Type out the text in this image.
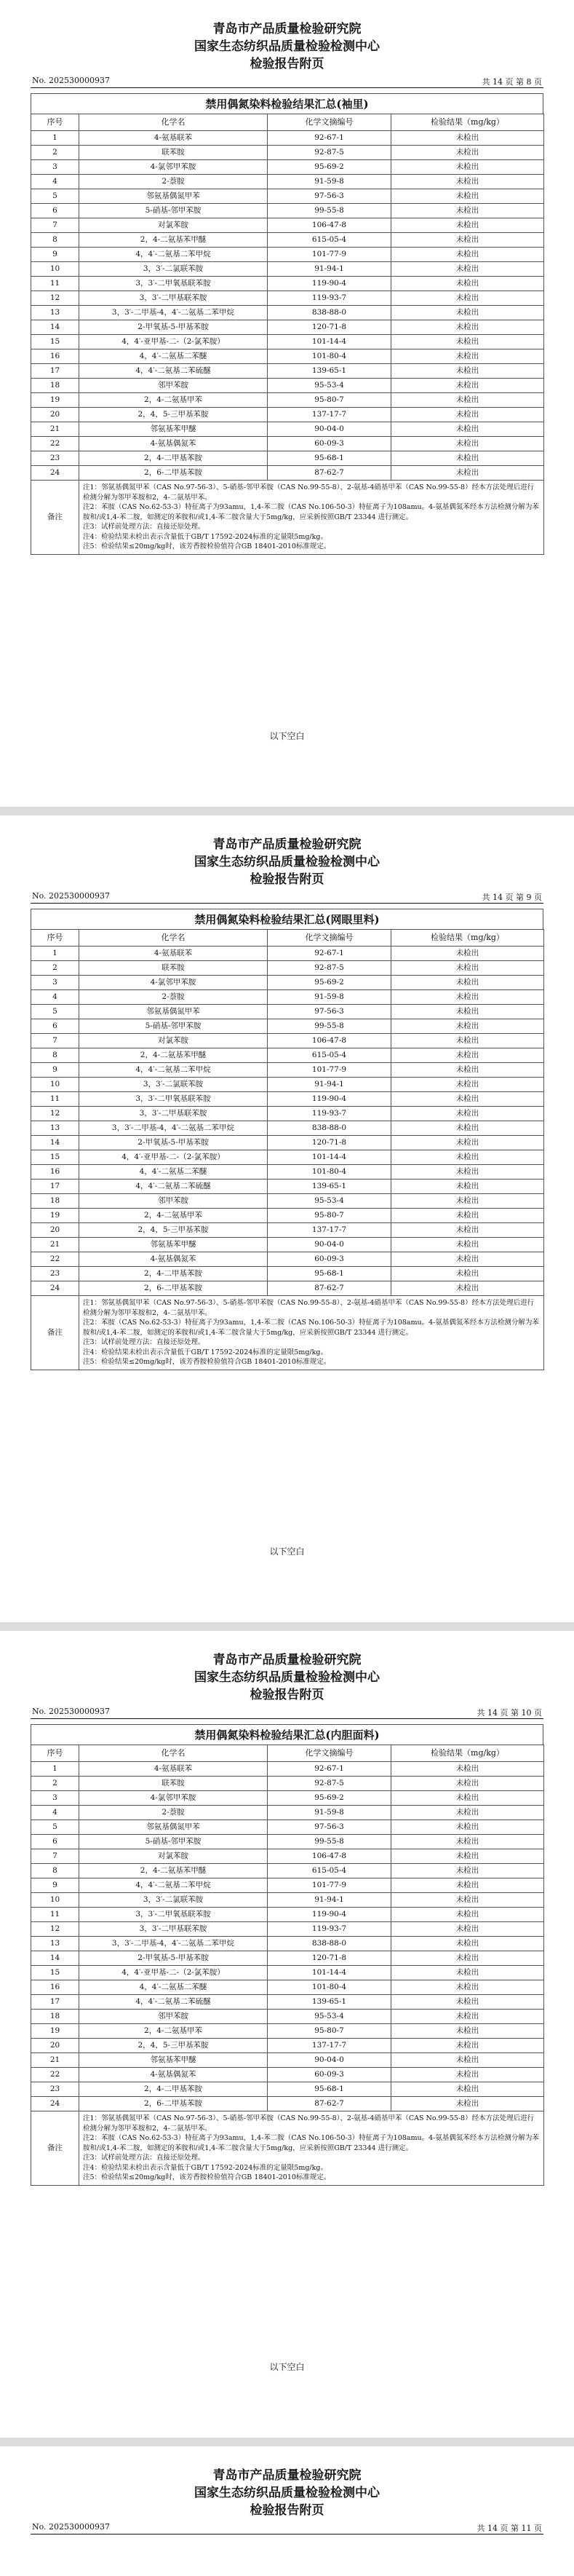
青岛市产品质量检验研究院
国家生态纺织品质量检验检测中心
检验报告附页
No. 202530000937	共 14 页 第 8 页
禁用偶氮染料检验结果汇总(袖里)
序号	化学名	化学文摘编号	检验结果（mg/kg）
1	4-氨基联苯	92-67-1	未检出
2	联苯胺	92-87-5	未检出
3	4-氯邻甲苯胺	95-69-2	未检出
4	2-萘胺	91-59-8	未检出
5	邻氨基偶氮甲苯	97-56-3	未检出
6	5-硝基-邻甲苯胺	99-55-8	未检出
7	对氯苯胺	106-47-8	未检出
8	2，4-二氨基苯甲醚	615-05-4	未检出
9	4，4′-二氨基二苯甲烷	101-77-9	未检出
10	3，3′-二氯联苯胺	91-94-1	未检出
11	3，3′-二甲氧基联苯胺	119-90-4	未检出
12	3，3′-二甲基联苯胺	119-93-7	未检出
13	3，3′-二甲基-4，4′-二氨基二苯甲烷	838-88-0	未检出
14	2-甲氧基-5-甲基苯胺	120-71-8	未检出
15	4，4′-亚甲基-二-（2-氯苯胺）	101-14-4	未检出
16	4，4′-二氨基二苯醚	101-80-4	未检出
17	4，4′-二氨基二苯硫醚	139-65-1	未检出
18	邻甲苯胺	95-53-4	未检出
19	2，4-二氨基甲苯	95-80-7	未检出
20	2，4，5-三甲基苯胺	137-17-7	未检出
21	邻氨基苯甲醚	90-04-0	未检出
22	4-氨基偶氮苯	60-09-3	未检出
23	2，4-二甲基苯胺	95-68-1	未检出
24	2，6-二甲基苯胺	87-62-7	未检出
备注	注1：邻氨基偶氮甲苯（CAS No.97-56-3）、5-硝基-邻甲苯胺（CAS No.99-55-8）、2-氨基-4硝基甲苯（CAS No.99-55-8）经本方法处理后进行检测分解为邻甲苯胺和2，4-二氨基甲苯。
注2：苯胺（CAS No.62-53-3）特征离子为93amu，1,4-苯二胺（CAS No.106-50-3）特征离子为108amu。4-氨基偶氮苯经本方法检测分解为苯胺和/或1,4-苯二胺，如测定的苯胺和/或1,4-苯二胺含量大于5mg/kg，应采新按照GB/T 23344 进行测定。
注3：试样前处理方法：直接还原处理。
注4：检验结果未检出表示含量低于GB/T 17592-2024标准的定量限5mg/kg。
注5：检验结果≤20mg/kg时，该芳香胺检验值符合GB 18401-2010标准规定。		
以下空白
青岛市产品质量检验研究院
国家生态纺织品质量检验检测中心
检验报告附页
No. 202530000937	共 14 页 第 9 页
禁用偶氮染料检验结果汇总(网眼里料)
序号	化学名	化学文摘编号	检验结果（mg/kg）
1	4-氨基联苯	92-67-1	未检出
2	联苯胺	92-87-5	未检出
3	4-氯邻甲苯胺	95-69-2	未检出
4	2-萘胺	91-59-8	未检出
5	邻氨基偶氮甲苯	97-56-3	未检出
6	5-硝基-邻甲苯胺	99-55-8	未检出
7	对氯苯胺	106-47-8	未检出
8	2，4-二氨基苯甲醚	615-05-4	未检出
9	4，4′-二氨基二苯甲烷	101-77-9	未检出
10	3，3′-二氯联苯胺	91-94-1	未检出
11	3，3′-二甲氧基联苯胺	119-90-4	未检出
12	3，3′-二甲基联苯胺	119-93-7	未检出
13	3，3′-二甲基-4，4′-二氨基二苯甲烷	838-88-0	未检出
14	2-甲氧基-5-甲基苯胺	120-71-8	未检出
15	4，4′-亚甲基-二-（2-氯苯胺）	101-14-4	未检出
16	4，4′-二氨基二苯醚	101-80-4	未检出
17	4，4′-二氨基二苯硫醚	139-65-1	未检出
18	邻甲苯胺	95-53-4	未检出
19	2，4-二氨基甲苯	95-80-7	未检出
20	2，4，5-三甲基苯胺	137-17-7	未检出
21	邻氨基苯甲醚	90-04-0	未检出
22	4-氨基偶氮苯	60-09-3	未检出
23	2，4-二甲基苯胺	95-68-1	未检出
24	2，6-二甲基苯胺	87-62-7	未检出
备注	注1：邻氨基偶氮甲苯（CAS No.97-56-3）、5-硝基-邻甲苯胺（CAS No.99-55-8）、2-氨基-4硝基甲苯（CAS No.99-55-8）经本方法处理后进行检测分解为邻甲苯胺和2，4-二氨基甲苯。
注2：苯胺（CAS No.62-53-3）特征离子为93amu，1,4-苯二胺（CAS No.106-50-3）特征离子为108amu。4-氨基偶氮苯经本方法检测分解为苯胺和/或1,4-苯二胺，如测定的苯胺和/或1,4-苯二胺含量大于5mg/kg，应采新按照GB/T 23344 进行测定。
注3：试样前处理方法：直接还原处理。
注4：检验结果未检出表示含量低于GB/T 17592-2024标准的定量限5mg/kg。
注5：检验结果≤20mg/kg时，该芳香胺检验值符合GB 18401-2010标准规定。		
以下空白
青岛市产品质量检验研究院
国家生态纺织品质量检验检测中心
检验报告附页
No. 202530000937	共 14 页 第 10 页
禁用偶氮染料检验结果汇总(内胆面料)
序号	化学名	化学文摘编号	检验结果（mg/kg）
1	4-氨基联苯	92-67-1	未检出
2	联苯胺	92-87-5	未检出
3	4-氯邻甲苯胺	95-69-2	未检出
4	2-萘胺	91-59-8	未检出
5	邻氨基偶氮甲苯	97-56-3	未检出
6	5-硝基-邻甲苯胺	99-55-8	未检出
7	对氯苯胺	106-47-8	未检出
8	2，4-二氨基苯甲醚	615-05-4	未检出
9	4，4′-二氨基二苯甲烷	101-77-9	未检出
10	3，3′-二氯联苯胺	91-94-1	未检出
11	3，3′-二甲氧基联苯胺	119-90-4	未检出
12	3，3′-二甲基联苯胺	119-93-7	未检出
13	3，3′-二甲基-4，4′-二氨基二苯甲烷	838-88-0	未检出
14	2-甲氧基-5-甲基苯胺	120-71-8	未检出
15	4，4′-亚甲基-二-（2-氯苯胺）	101-14-4	未检出
16	4，4′-二氨基二苯醚	101-80-4	未检出
17	4，4′-二氨基二苯硫醚	139-65-1	未检出
18	邻甲苯胺	95-53-4	未检出
19	2，4-二氨基甲苯	95-80-7	未检出
20	2，4，5-三甲基苯胺	137-17-7	未检出
21	邻氨基苯甲醚	90-04-0	未检出
22	4-氨基偶氮苯	60-09-3	未检出
23	2，4-二甲基苯胺	95-68-1	未检出
24	2，6-二甲基苯胺	87-62-7	未检出
备注	注1：邻氨基偶氮甲苯（CAS No.97-56-3）、5-硝基-邻甲苯胺（CAS No.99-55-8）、2-氨基-4硝基甲苯（CAS No.99-55-8）经本方法处理后进行检测分解为邻甲苯胺和2，4-二氨基甲苯。
注2：苯胺（CAS No.62-53-3）特征离子为93amu，1,4-苯二胺（CAS No.106-50-3）特征离子为108amu。4-氨基偶氮苯经本方法检测分解为苯胺和/或1,4-苯二胺，如测定的苯胺和/或1,4-苯二胺含量大于5mg/kg，应采新按照GB/T 23344 进行测定。
注3：试样前处理方法：直接还原处理。
注4：检验结果未检出表示含量低于GB/T 17592-2024标准的定量限5mg/kg。
注5：检验结果≤20mg/kg时，该芳香胺检验值符合GB 18401-2010标准规定。		
以下空白
青岛市产品质量检验研究院
国家生态纺织品质量检验检测中心
检验报告附页
No. 202530000937	共 14 页 第 11 页
